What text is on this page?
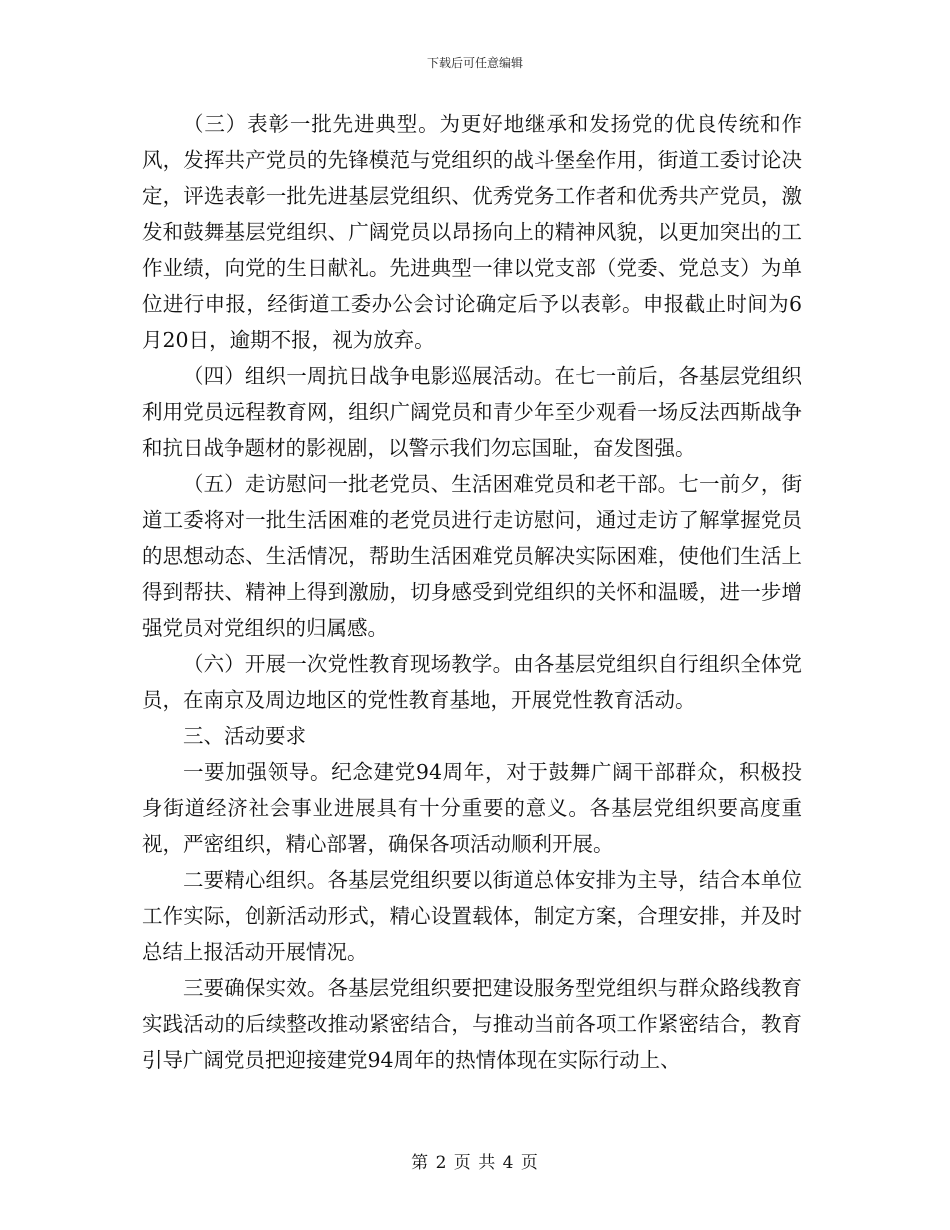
下载后可任意编辑

（三）表彰一批先进典型。为更好地继承和发扬党的优良传统和作风，发挥共产党员的先锋模范与党组织的战斗堡垒作用，街道工委讨论决定，评选表彰一批先进基层党组织、优秀党务工作者和优秀共产党员，激发和鼓舞基层党组织、广阔党员以昂扬向上的精神风貌，以更加突出的工作业绩，向党的生日献礼。先进典型一律以党支部（党委、党总支）为单位进行申报，经街道工委办公会讨论确定后予以表彰。申报截止时间为6月20日，逾期不报，视为放弃。

（四）组织一周抗日战争电影巡展活动。在七一前后，各基层党组织利用党员远程教育网，组织广阔党员和青少年至少观看一场反法西斯战争和抗日战争题材的影视剧，以警示我们勿忘国耻，奋发图强。

（五）走访慰问一批老党员、生活困难党员和老干部。七一前夕，街道工委将对一批生活困难的老党员进行走访慰问，通过走访了解掌握党员的思想动态、生活情况，帮助生活困难党员解决实际困难，使他们生活上得到帮扶、精神上得到激励，切身感受到党组织的关怀和温暖，进一步增强党员对党组织的归属感。

（六）开展一次党性教育现场教学。由各基层党组织自行组织全体党员，在南京及周边地区的党性教育基地，开展党性教育活动。

三、活动要求

一要加强领导。纪念建党94周年，对于鼓舞广阔干部群众，积极投身街道经济社会事业进展具有十分重要的意义。各基层党组织要高度重视，严密组织，精心部署，确保各项活动顺利开展。

二要精心组织。各基层党组织要以街道总体安排为主导，结合本单位工作实际，创新活动形式，精心设置载体，制定方案，合理安排，并及时总结上报活动开展情况。

三要确保实效。各基层党组织要把建设服务型党组织与群众路线教育实践活动的后续整改推动紧密结合，与推动当前各项工作紧密结合，教育引导广阔党员把迎接建党94周年的热情体现在实际行动上、

第 2 页 共 4 页
